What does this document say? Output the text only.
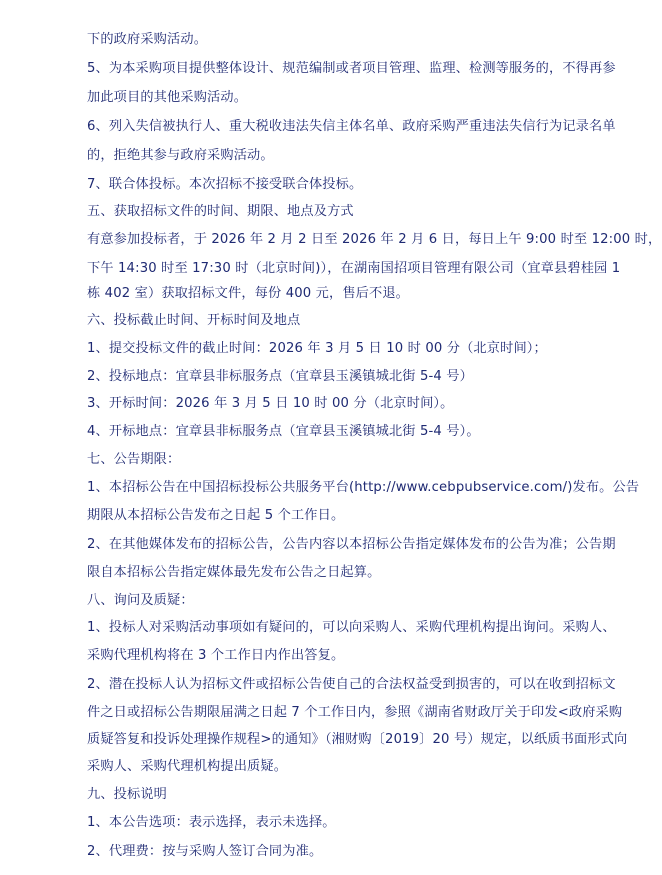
下的政府采购活动。
5、为本采购项目提供整体设计、规范编制或者项目管理、监理、检测等服务的，不得再参
加此项目的其他采购活动。
6、列入失信被执行人、重大税收违法失信主体名单、政府采购严重违法失信行为记录名单
的，拒绝其参与政府采购活动。
7、联合体投标。本次招标不接受联合体投标。
五、获取招标文件的时间、期限、地点及方式
有意参加投标者，于 2026 年 2 月 2 日至 2026 年 2 月 6 日，每日上午 9:00 时至 12:00 时，
下午 14:30 时至 17:30 时（北京时间)），在湖南国招项目管理有限公司（宜章县碧桂园 1
栋 402 室）获取招标文件，每份 400 元，售后不退。
六、投标截止时间、开标时间及地点
1、提交投标文件的截止时间：2026 年 3 月 5 日 10 时 00 分（北京时间）；
2、投标地点：宜章县非标服务点（宜章县玉溪镇城北街 5-4 号）
3、开标时间：2026 年 3 月 5 日 10 时 00 分（北京时间）。
4、开标地点：宜章县非标服务点（宜章县玉溪镇城北街 5-4 号）。
七、公告期限：
1、本招标公告在中国招标投标公共服务平台(http://www.cebpubservice.com/)发布。公告
期限从本招标公告发布之日起 5 个工作日。
2、在其他媒体发布的招标公告，公告内容以本招标公告指定媒体发布的公告为准；公告期
限自本招标公告指定媒体最先发布公告之日起算。
八、询问及质疑：
1、投标人对采购活动事项如有疑问的，可以向采购人、采购代理机构提出询问。采购人、
采购代理机构将在 3 个工作日内作出答复。
2、潜在投标人认为招标文件或招标公告使自己的合法权益受到损害的，可以在收到招标文
件之日或招标公告期限届满之日起 7 个工作日内，参照《湖南省财政厅关于印发<政府采购
质疑答复和投诉处理操作规程>的通知》（湘财购〔2019〕20 号）规定，以纸质书面形式向
采购人、采购代理机构提出质疑。
九、投标说明
1、本公告选项：表示选择，表示未选择。
2、代理费：按与采购人签订合同为准。
